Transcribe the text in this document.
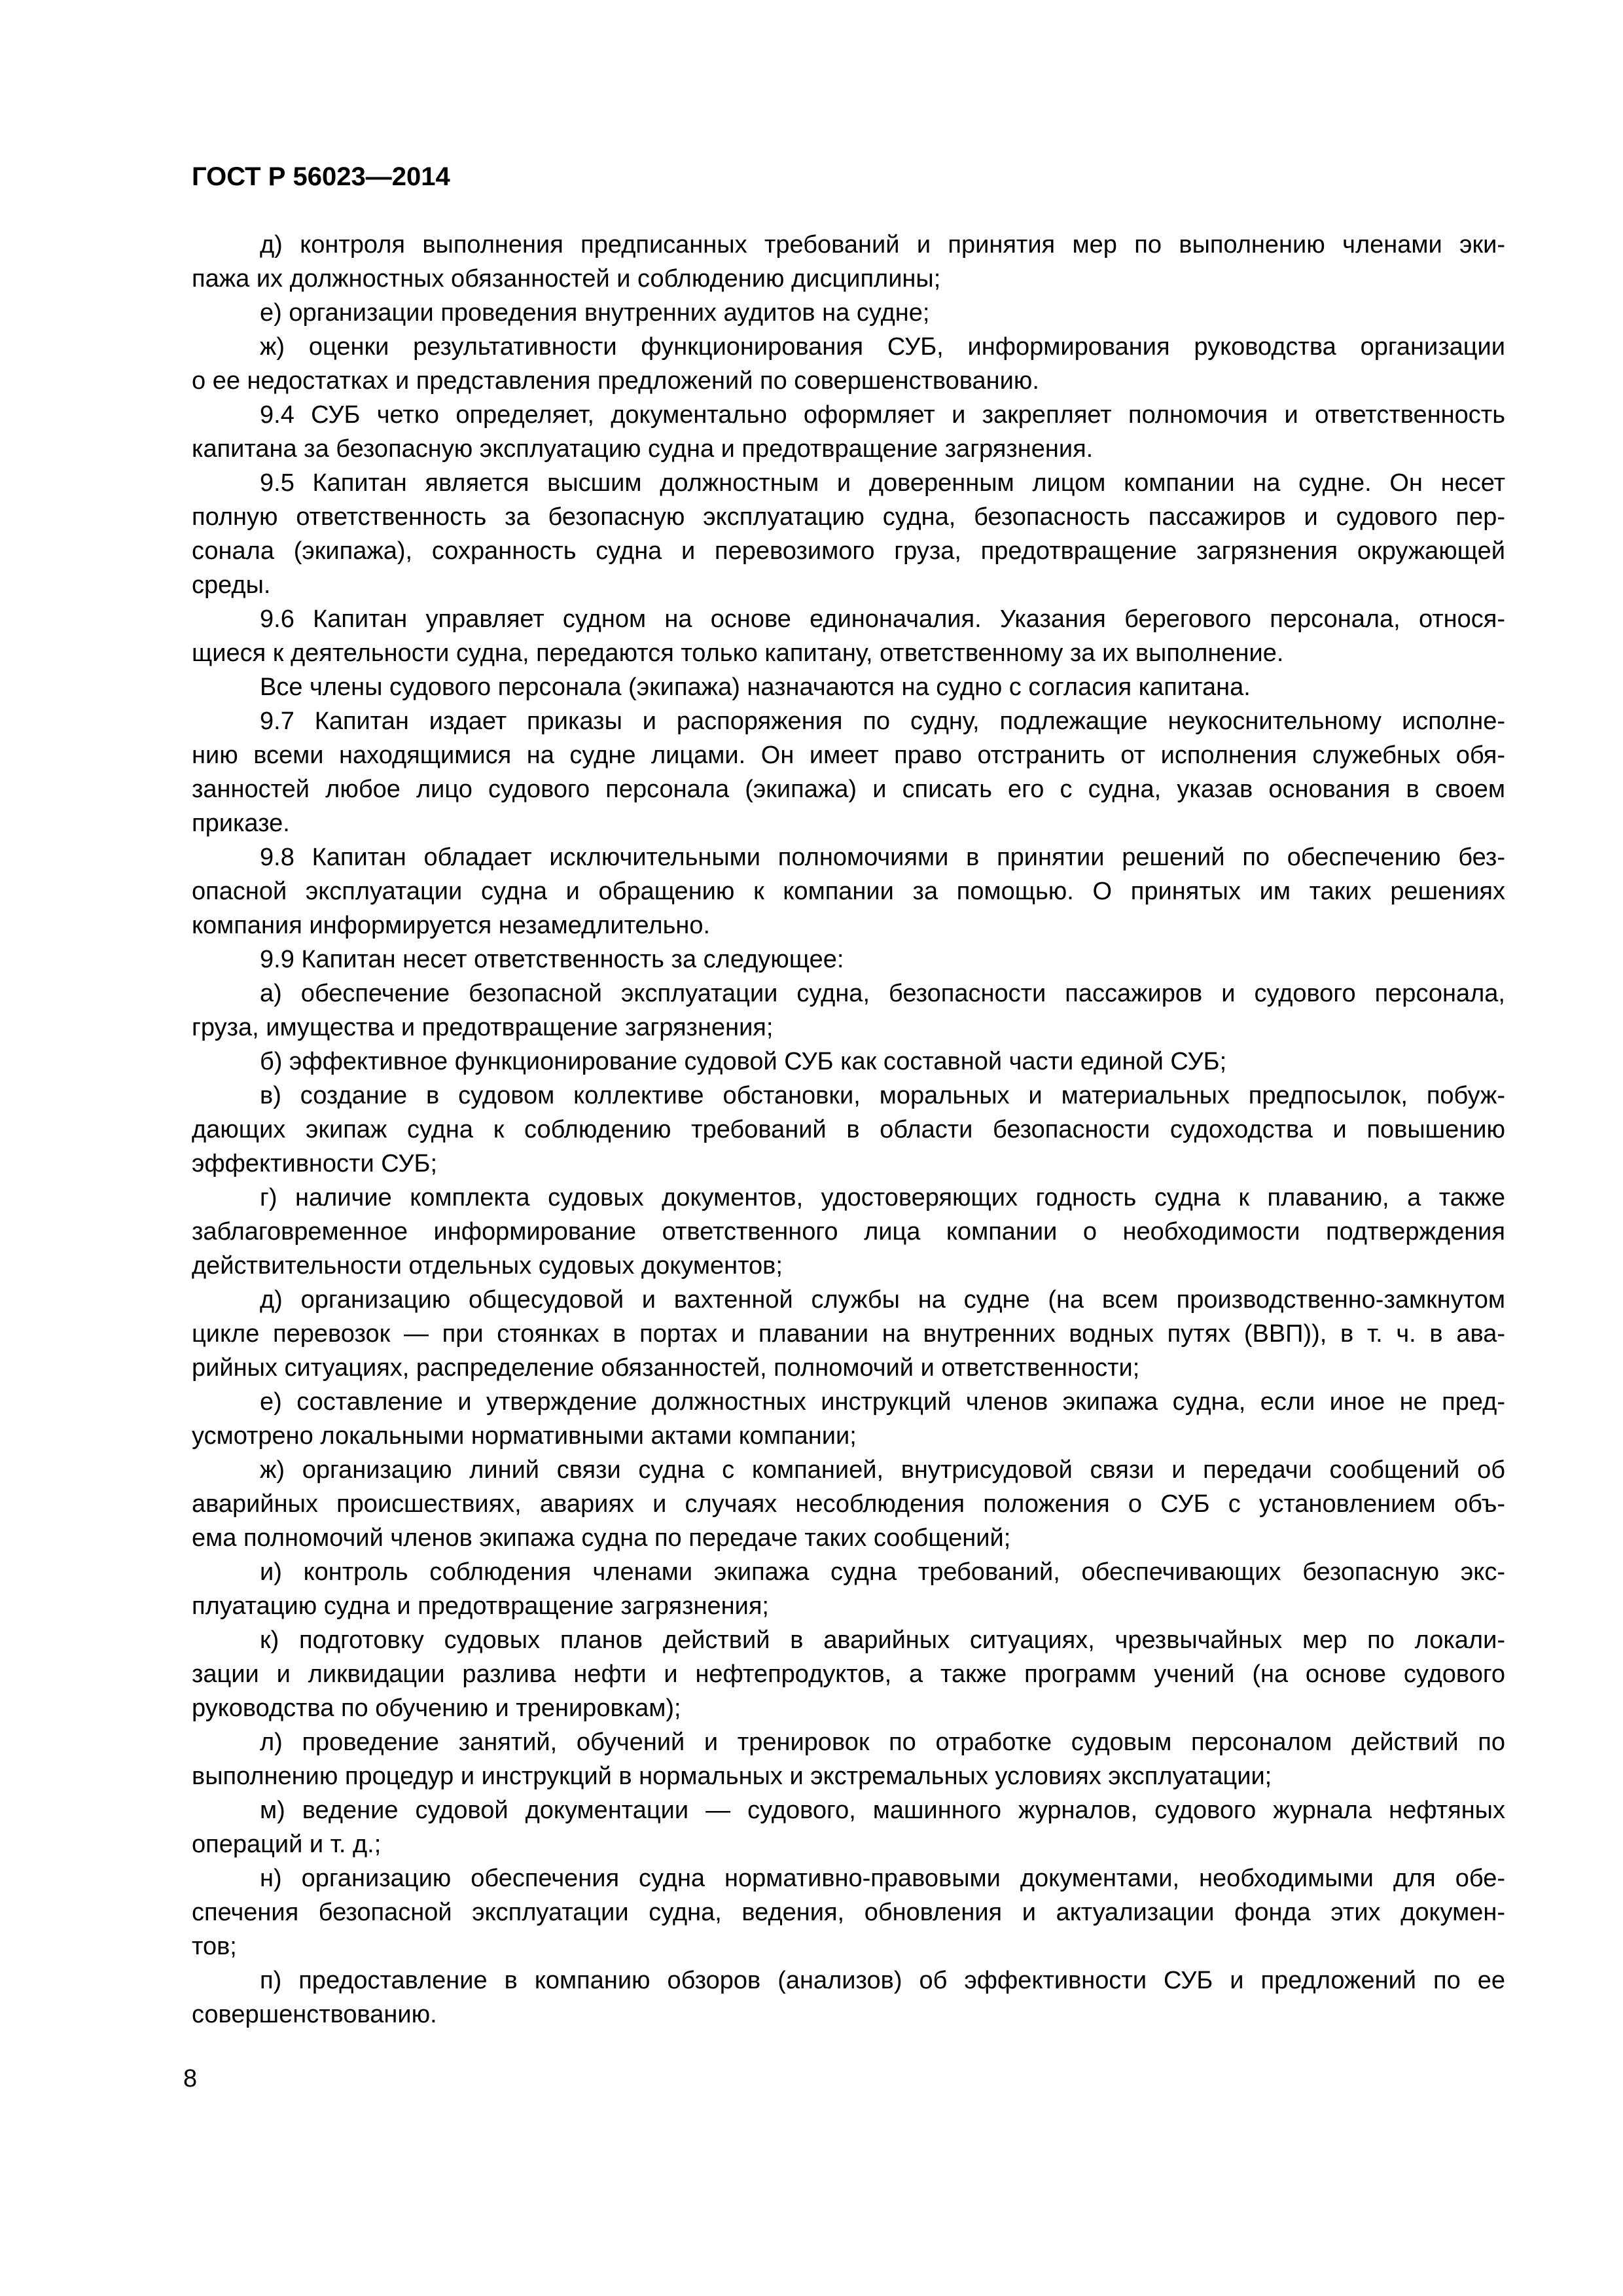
ГОСТ Р 56023—2014
д) контроля выполнения предписанных требований и принятия мер по выполнению членами эки-
пажа их должностных обязанностей и соблюдению дисциплины;
е) организации проведения внутренних аудитов на судне;
ж) оценки результативности функционирования СУБ, информирования руководства организации
о ее недостатках и представления предложений по совершенствованию.
9.4 СУБ четко определяет, документально оформляет и закрепляет полномочия и ответственность
капитана за безопасную эксплуатацию судна и предотвращение загрязнения.
9.5 Капитан является высшим должностным и доверенным лицом компании на судне. Он несет
полную ответственность за безопасную эксплуатацию судна, безопасность пассажиров и судового пер-
сонала (экипажа), сохранность судна и перевозимого груза, предотвращение загрязнения окружающей
среды.
9.6 Капитан управляет судном на основе единоначалия. Указания берегового персонала, относя-
щиеся к деятельности судна, передаются только капитану, ответственному за их выполнение.
Все члены судового персонала (экипажа) назначаются на судно с согласия капитана.
9.7 Капитан издает приказы и распоряжения по судну, подлежащие неукоснительному исполне-
нию всеми находящимися на судне лицами. Он имеет право отстранить от исполнения служебных обя-
занностей любое лицо судового персонала (экипажа) и списать его с судна, указав основания в своем
приказе.
9.8 Капитан обладает исключительными полномочиями в принятии решений по обеспечению без-
опасной эксплуатации судна и обращению к компании за помощью. О принятых им таких решениях
компания информируется незамедлительно.
9.9 Капитан несет ответственность за следующее:
а) обеспечение безопасной эксплуатации судна, безопасности пассажиров и судового персонала,
груза, имущества и предотвращение загрязнения;
б) эффективное функционирование судовой СУБ как составной части единой СУБ;
в) создание в судовом коллективе обстановки, моральных и материальных предпосылок, побуж-
дающих экипаж судна к соблюдению требований в области безопасности судоходства и повышению
эффективности СУБ;
г) наличие комплекта судовых документов, удостоверяющих годность судна к плаванию, а также
заблаговременное информирование ответственного лица компании о необходимости подтверждения
действительности отдельных судовых документов;
д) организацию общесудовой и вахтенной службы на судне (на всем производственно-замкнутом
цикле перевозок — при стоянках в портах и плавании на внутренних водных путях (ВВП)), в т. ч. в ава-
рийных ситуациях, распределение обязанностей, полномочий и ответственности;
е) составление и утверждение должностных инструкций членов экипажа судна, если иное не пред-
усмотрено локальными нормативными актами компании;
ж) организацию линий связи судна с компанией, внутрисудовой связи и передачи сообщений об
аварийных происшествиях, авариях и случаях несоблюдения положения о СУБ с установлением объ-
ема полномочий членов экипажа судна по передаче таких сообщений;
и) контроль соблюдения членами экипажа судна требований, обеспечивающих безопасную экс-
плуатацию судна и предотвращение загрязнения;
к) подготовку судовых планов действий в аварийных ситуациях, чрезвычайных мер по локали-
зации и ликвидации разлива нефти и нефтепродуктов, а также программ учений (на основе судового
руководства по обучению и тренировкам);
л) проведение занятий, обучений и тренировок по отработке судовым персоналом действий по
выполнению процедур и инструкций в нормальных и экстремальных условиях эксплуатации;
м) ведение судовой документации — судового, машинного журналов, судового журнала нефтяных
операций и т. д.;
н) организацию обеспечения судна нормативно-правовыми документами, необходимыми для обе-
спечения безопасной эксплуатации судна, ведения, обновления и актуализации фонда этих докумен-
тов;
п) предоставление в компанию обзоров (анализов) об эффективности СУБ и предложений по ее
совершенствованию.
8
